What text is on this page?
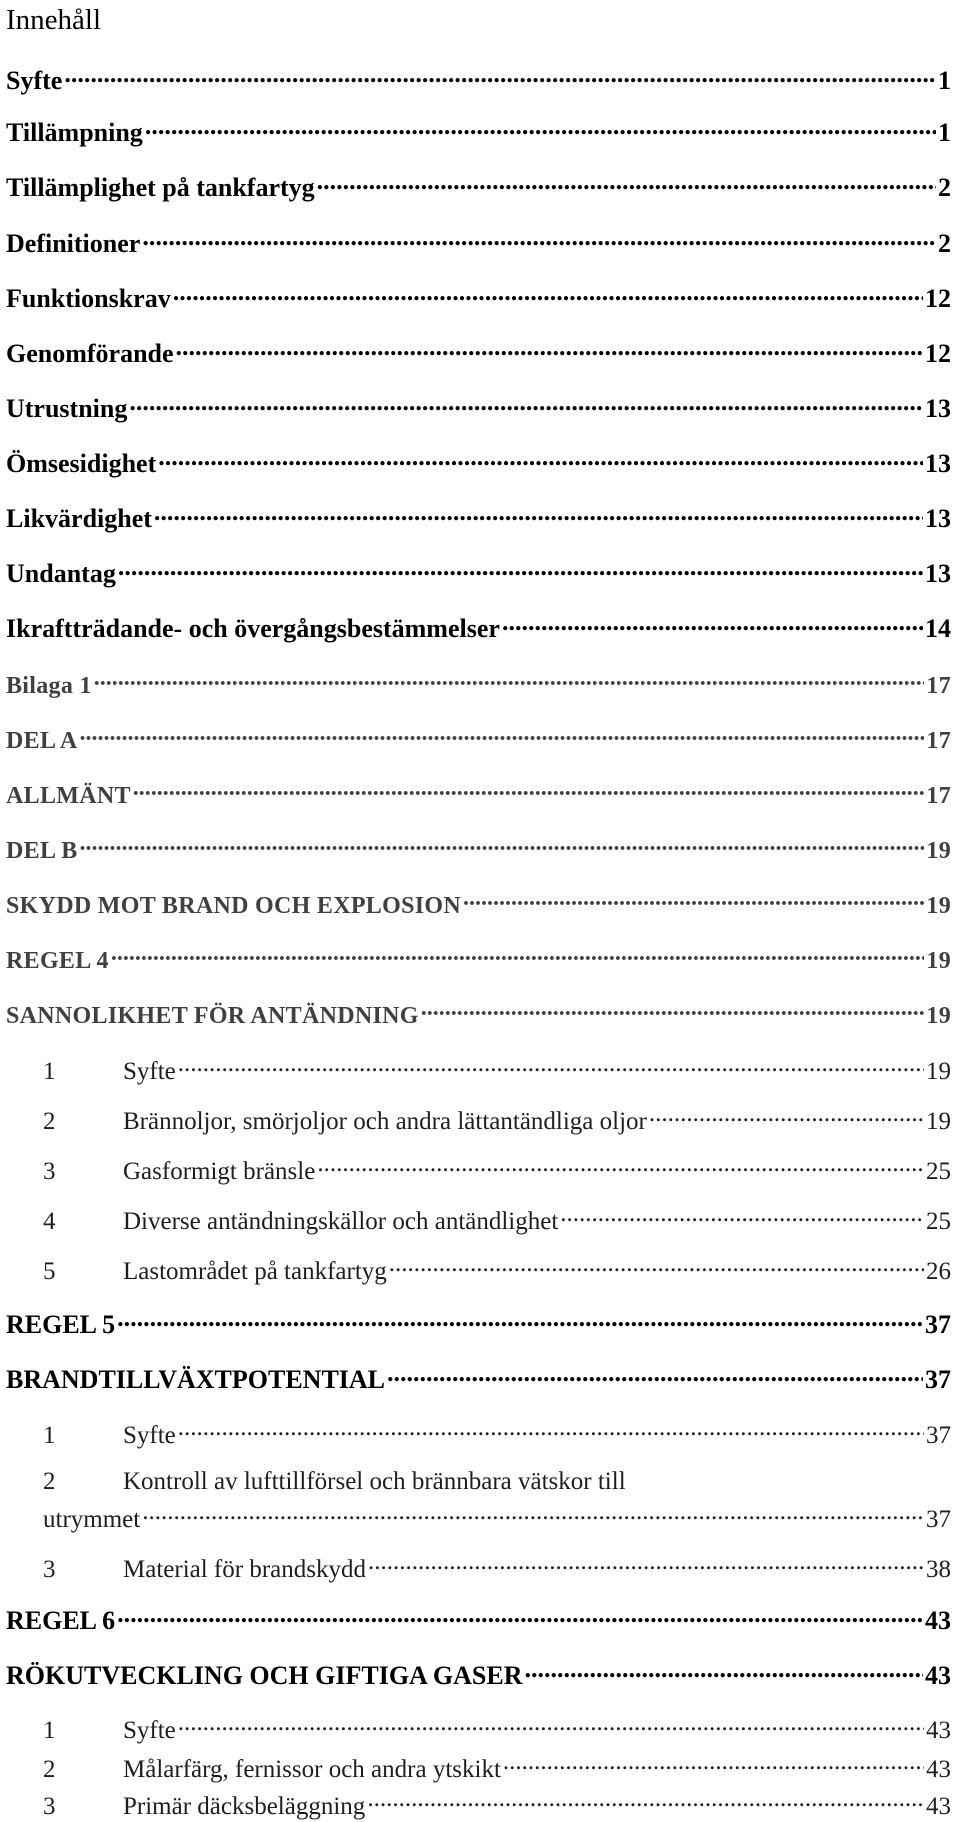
Innehåll
Syfte .....	1
Tillämpning .....	1
Tillämplighet på tankfartyg .....	2
Definitioner .....	2
Funktionskrav .....	12
Genomförande .....	12
Utrustning .....	13
Ömsesidighet .....	13
Likvärdighet .....	13
Undantag .....	13
Ikraftträdande- och övergångsbestämmelser .....	14
Bilaga 1 .....	17
DEL A .....	17
ALLMÄNT .....	17
DEL B .....	19
SKYDD MOT BRAND OCH EXPLOSION .....	19
REGEL 4 .....	19
SANNOLIKHET FÖR ANTÄNDNING .....	19
1	Syfte .....	19
2	Brännoljor, smörjoljor och andra lättantändliga oljor .....	19
3	Gasformigt bränsle .....	25
4	Diverse antändningskällor och antändlighet .....	25
5	Lastområdet på tankfartyg .....	26
REGEL 5 .....	37
BRANDTILLVÄXTPOTENTIAL .....	37
1	Syfte .....	37
2	Kontroll av lufttillförsel och brännbara vätskor till
utrymmet .....	37
3	Material för brandskydd .....	38
REGEL 6 .....	43
RÖKUTVECKLING OCH GIFTIGA GASER .....	43
1	Syfte .....	43
2	Målarfärg, fernissor och andra ytskikt .....	43
3	Primär däcksbeläggning .....	43
